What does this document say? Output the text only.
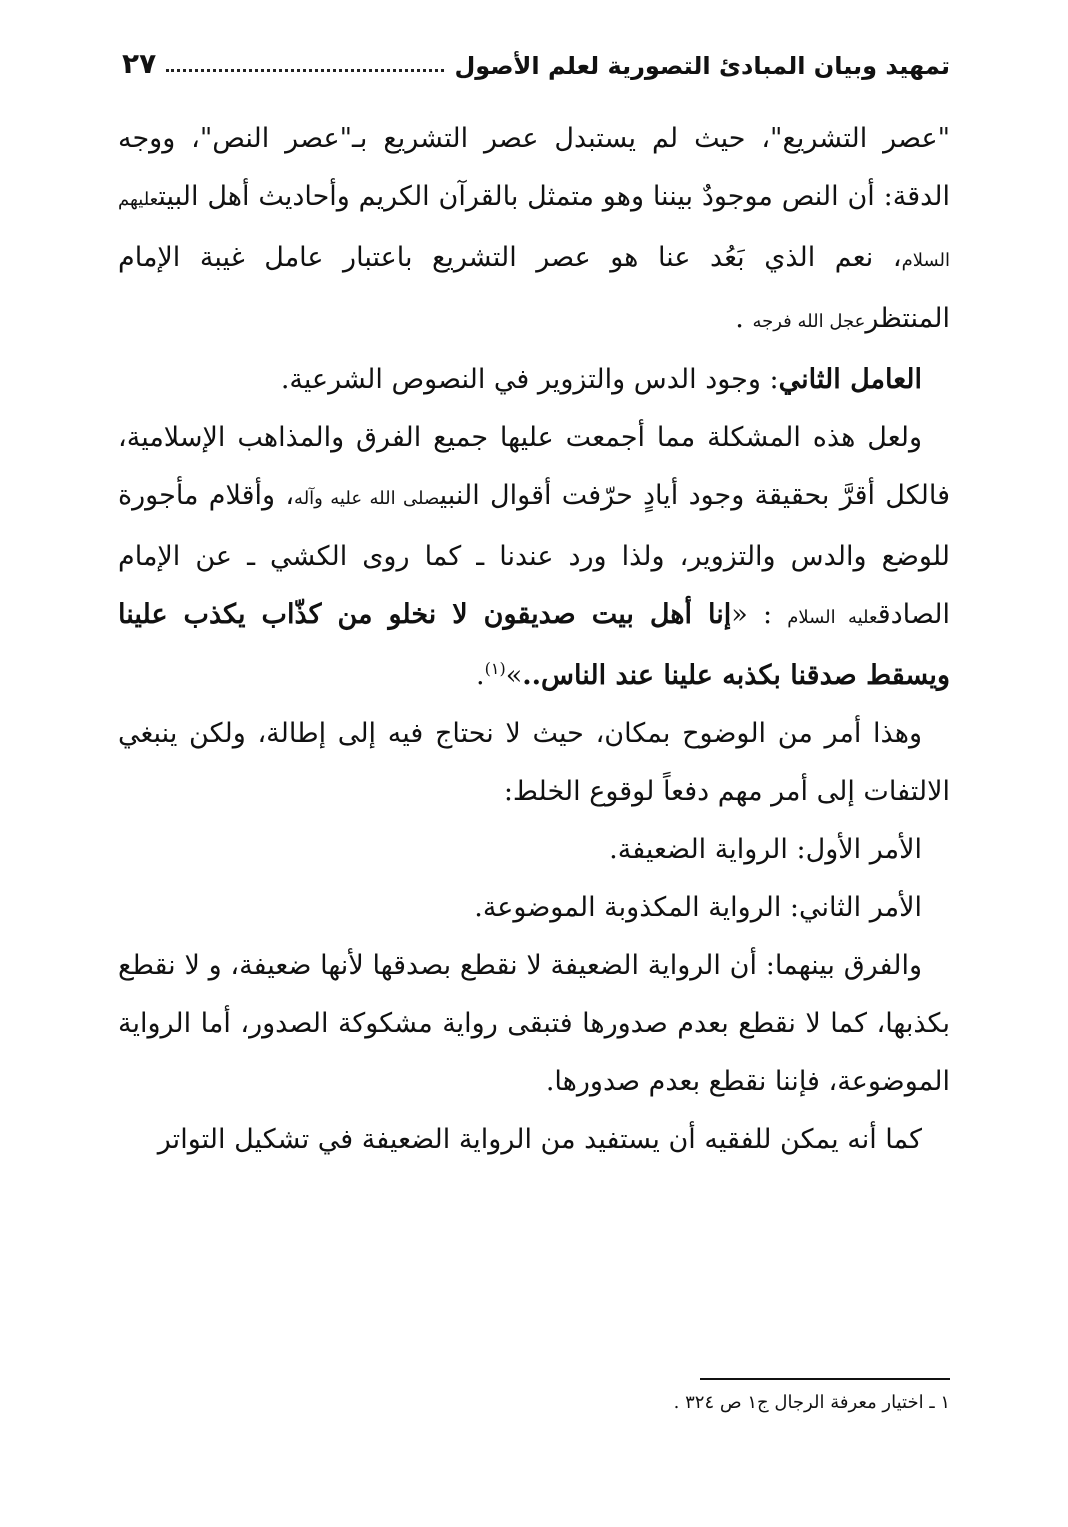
تمهيد وبيان المبادئ التصورية لعلم الأصول
٢٧

"عصر التشريع"، حيث لم يستبدل عصر التشريع بـ"عصر النص"، ووجه الدقة: أن النص موجودٌ بيننا وهو متمثل بالقرآن الكريم وأحاديث أهل البيتعليهم السلام، نعم الذي بَعُد عنا هو عصر التشريع باعتبار عامل غيبة الإمام المنتظرعجل الله فرجه .

العامل الثاني: وجود الدس والتزوير في النصوص الشرعية.

ولعل هذه المشكلة مما أجمعت عليها جميع الفرق والمذاهب الإسلامية، فالكل أقرَّ بحقيقة وجود أيادٍ حرّفت أقوال النبيصلى الله عليه وآله، وأقلام مأجورة للوضع والدس والتزوير، ولذا ورد عندنا ـ كما روى الكشي ـ عن الإمام الصادقعليه السلام : «إنا أهل بيت صديقون لا نخلو من كذّاب يكذب علينا ويسقط صدقنا بكذبه علينا عند الناس..»$^{(١)}$.

وهذا أمر من الوضوح بمكان، حيث لا نحتاج فيه إلى إطالة، ولكن ينبغي الالتفات إلى أمر مهم دفعاً لوقوع الخلط:

الأمر الأول: الرواية الضعيفة.

الأمر الثاني: الرواية المكذوبة الموضوعة.

والفرق بينهما: أن الرواية الضعيفة لا نقطع بصدقها لأنها ضعيفة، و لا نقطع بكذبها، كما لا نقطع بعدم صدورها فتبقى رواية مشكوكة الصدور، أما الرواية الموضوعة، فإننا نقطع بعدم صدورها.

كما أنه يمكن للفقيه أن يستفيد من الرواية الضعيفة في تشكيل التواتر

١ ـ اختيار معرفة الرجال ج١ ص ٣٢٤ .
